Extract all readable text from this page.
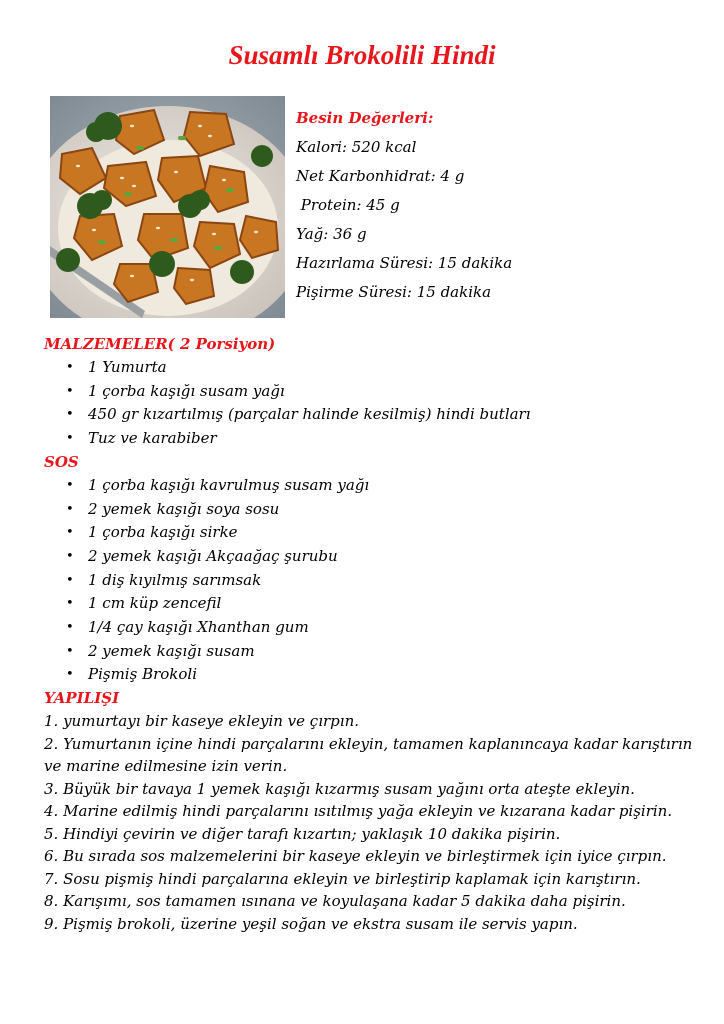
Susamlı Brokolili Hindi
Besin Değerleri:
Kalori: 520 kcal
Net Karbonhidrat: 4 g
Protein: 45 g
Yağ: 36 g
Hazırlama Süresi: 15 dakika
Pişirme Süresi: 15 dakika
MALZEMELER( 2 Porsiyon)
• 1 Yumurta
• 1 çorba kaşığı susam yağı
• 450 gr kızartılmış (parçalar halinde kesilmiş) hindi butları
• Tuz ve karabiber
SOS
• 1 çorba kaşığı kavrulmuş susam yağı
• 2 yemek kaşığı soya sosu
• 1 çorba kaşığı sirke
• 2 yemek kaşığı Akçaağaç şurubu
• 1 diş kıyılmış sarımsak
• 1 cm küp zencefil
• 1/4 çay kaşığı Xhanthan gum
• 2 yemek kaşığı susam
• Pişmiş Brokoli
YAPILIŞI

1. yumurtayı bir kaseye ekleyin ve çırpın.

2. Yumurtanın içine hindi parçalarını ekleyin, tamamen kaplanıncaya kadar karıştırın ve marine edilmesine izin verin.

3. Büyük bir tavaya 1 yemek kaşığı kızarmış susam yağını orta ateşte ekleyin.

4. Marine edilmiş hindi parçalarını ısıtılmış yağa ekleyin ve kızarana kadar pişirin.

5. Hindiyi çevirin ve diğer tarafı kızartın; yaklaşık 10 dakika pişirin.

6. Bu sırada sos malzemelerini bir kaseye ekleyin ve birleştirmek için iyice çırpın.

7. Sosu pişmiş hindi parçalarına ekleyin ve birleştirip kaplamak için karıştırın.

8. Karışımı, sos tamamen ısınana ve koyulaşana kadar 5 dakika daha pişirin.

9. Pişmiş brokoli, üzerine yeşil soğan ve ekstra susam ile servis yapın.
